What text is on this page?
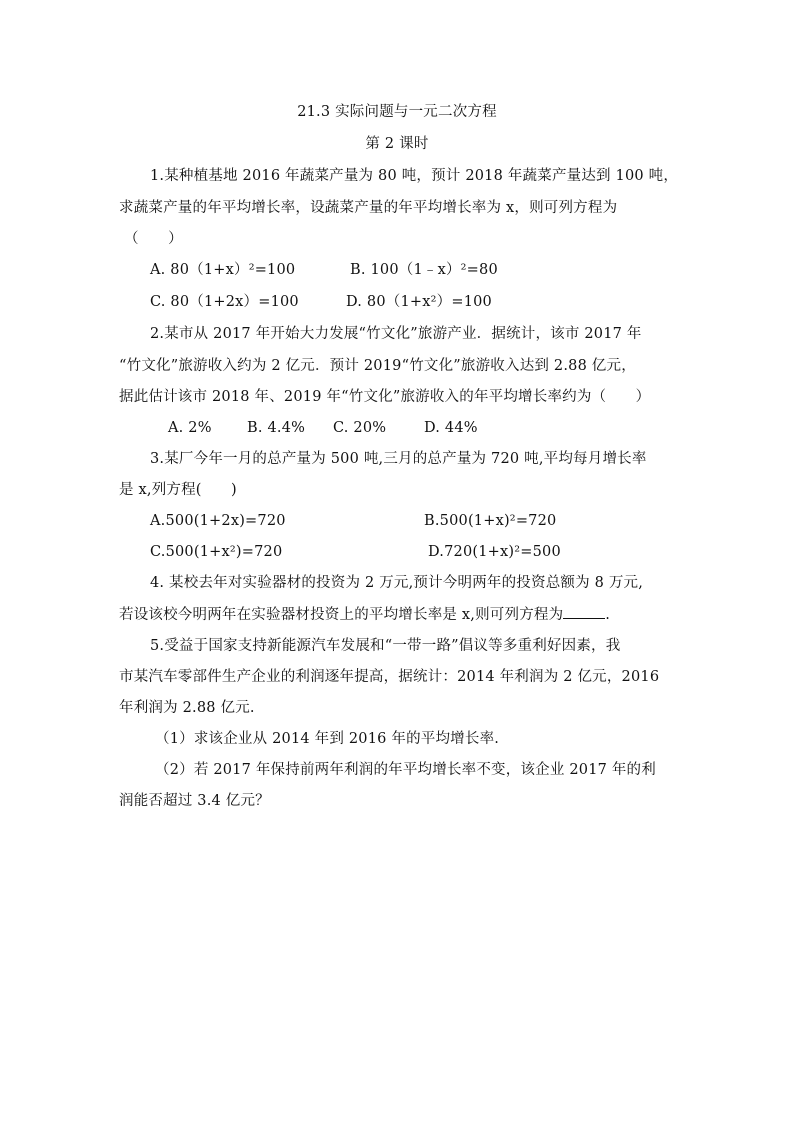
21.3 实际问题与一元二次方程
第 2 课时
1.某种植基地 2016 年蔬菜产量为 80 吨，预计 2018 年蔬菜产量达到 100 吨，
求蔬菜产量的年平均增长率，设蔬菜产量的年平均增长率为 x，则可列方程为
（　　）
A. 80（1+x）²=100	B. 100（1﹣x）²=80
C. 80（1+2x）=100	D. 80（1+x²）=100
2.某市从 2017 年开始大力发展“竹文化”旅游产业．据统计，该市 2017 年
“竹文化”旅游收入约为 2 亿元．预计 2019“竹文化”旅游收入达到 2.88 亿元，
据此估计该市 2018 年、2019 年“竹文化”旅游收入的年平均增长率约为（　　）
A. 2% B. 4.4% C. 20%	D. 44%
3.某厂今年一月的总产量为 500 吨,三月的总产量为 720 吨,平均每月增长率
是 x,列方程(　　)
A.500(1+2x)=720	B.500(1+x)²=720
C.500(1+x²)=720	D.720(1+x)²=500
4. 某校去年对实验器材的投资为 2 万元,预计今明两年的投资总额为 8 万元,
若设该校今明两年在实验器材投资上的平均增长率是 x,则可列方程为	.
5.受益于国家支持新能源汽车发展和“一带一路”倡议等多重利好因素，我
市某汽车零部件生产企业的利润逐年提高，据统计：2014 年利润为 2 亿元，2016
年利润为 2.88 亿元.
（1）求该企业从 2014 年到 2016 年的平均增长率.
（2）若 2017 年保持前两年利润的年平均增长率不变，该企业 2017 年的利
润能否超过 3.4 亿元？
